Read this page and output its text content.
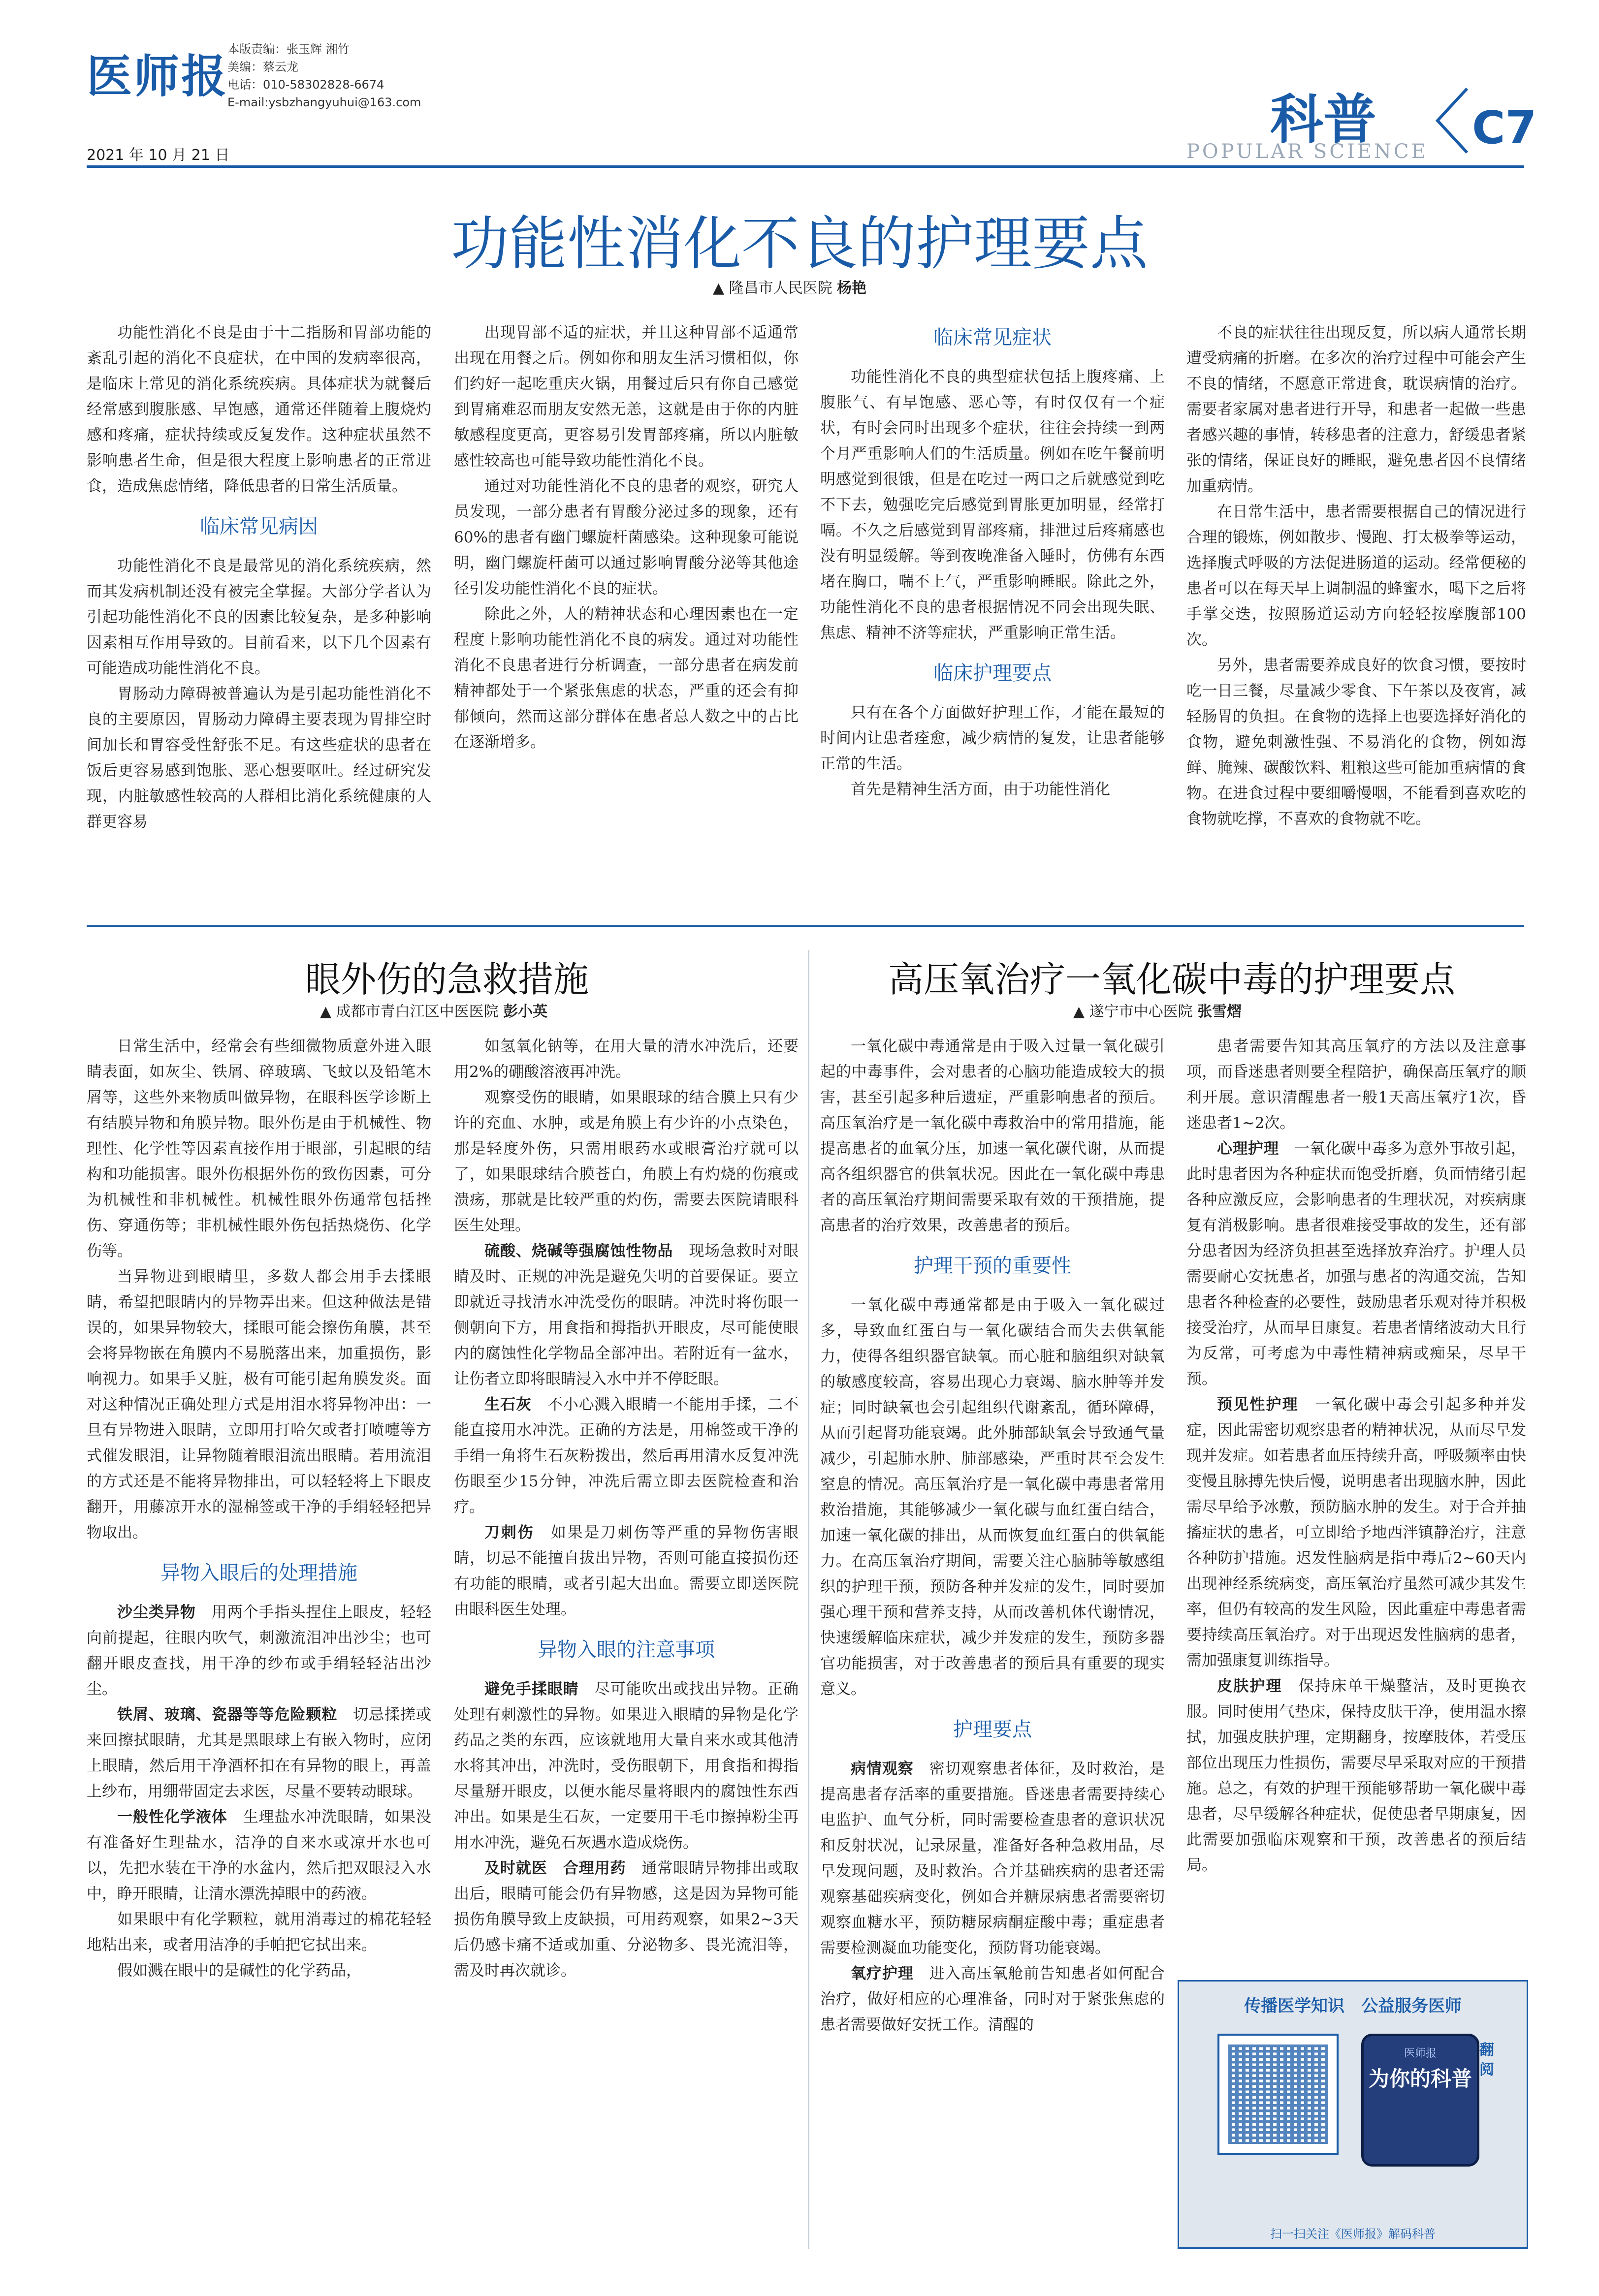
医师报
2021 年 10 月 21 日
本版责编：张玉辉 湘竹
美编：蔡云龙
电话：010-58302828-6674
E-mail:ysbzhangyuhui@163.com	科普
POPULAR SCIENCE C7
功能性消化不良的护理要点
▲ 隆昌市人民医院 杨艳

功能性消化不良是由于十二指肠和胃部功能的紊乱引起的消化不良症状，在中国的发病率很高，是临床上常见的消化系统疾病。具体症状为就餐后经常感到腹胀感、早饱感，通常还伴随着上腹烧灼感和疼痛，症状持续或反复发作。这种症状虽然不影响患者生命，但是很大程度上影响患者的正常进食，造成焦虑情绪，降低患者的日常生活质量。

临床常见病因

功能性消化不良是最常见的消化系统疾病，然而其发病机制还没有被完全掌握。大部分学者认为引起功能性消化不良的因素比较复杂，是多种影响因素相互作用导致的。目前看来，以下几个因素有可能造成功能性消化不良。

胃肠动力障碍被普遍认为是引起功能性消化不良的主要原因，胃肠动力障碍主要表现为胃排空时间加长和胃容受性舒张不足。有这些症状的患者在饭后更容易感到饱胀、恶心想要呕吐。经过研究发现，内脏敏感性较高的人群相比消化系统健康的人群更容易

出现胃部不适的症状，并且这种胃部不适通常出现在用餐之后。例如你和朋友生活习惯相似，你们约好一起吃重庆火锅，用餐过后只有你自己感觉到胃痛难忍而朋友安然无恙，这就是由于你的内脏敏感程度更高，更容易引发胃部疼痛，所以内脏敏感性较高也可能导致功能性消化不良。

通过对功能性消化不良的患者的观察，研究人员发现，一部分患者有胃酸分泌过多的现象，还有60%的患者有幽门螺旋杆菌感染。这种现象可能说明，幽门螺旋杆菌可以通过影响胃酸分泌等其他途径引发功能性消化不良的症状。

除此之外，人的精神状态和心理因素也在一定程度上影响功能性消化不良的病发。通过对功能性消化不良患者进行分析调查，一部分患者在病发前精神都处于一个紧张焦虑的状态，严重的还会有抑郁倾向，然而这部分群体在患者总人数之中的占比在逐渐增多。

临床常见症状

功能性消化不良的典型症状包括上腹疼痛、上腹胀气、有早饱感、恶心等，有时仅仅有一个症状，有时会同时出现多个症状，往往会持续一到两个月严重影响人们的生活质量。例如在吃午餐前明明感觉到很饿，但是在吃过一两口之后就感觉到吃不下去，勉强吃完后感觉到胃胀更加明显，经常打嗝。不久之后感觉到胃部疼痛，排泄过后疼痛感也没有明显缓解。等到夜晚准备入睡时，仿佛有东西堵在胸口，喘不上气，严重影响睡眠。除此之外，功能性消化不良的患者根据情况不同会出现失眠、焦虑、精神不济等症状，严重影响正常生活。

临床护理要点

只有在各个方面做好护理工作，才能在最短的时间内让患者痊愈，减少病情的复发，让患者能够正常的生活。

首先是精神生活方面，由于功能性消化

不良的症状往往出现反复，所以病人通常长期遭受病痛的折磨。在多次的治疗过程中可能会产生不良的情绪，不愿意正常进食，耽误病情的治疗。需要者家属对患者进行开导，和患者一起做一些患者感兴趣的事情，转移患者的注意力，舒缓患者紧张的情绪，保证良好的睡眠，避免患者因不良情绪加重病情。

在日常生活中，患者需要根据自己的情况进行合理的锻炼，例如散步、慢跑、打太极拳等运动，选择腹式呼吸的方法促进肠道的运动。经常便秘的患者可以在每天早上调制温的蜂蜜水，喝下之后将手掌交迭，按照肠道运动方向轻轻按摩腹部100次。

另外，患者需要养成良好的饮食习惯，要按时吃一日三餐，尽量减少零食、下午茶以及夜宵，减轻肠胃的负担。在食物的选择上也要选择好消化的食物，避免刺激性强、不易消化的食物，例如海鲜、腌辣、碳酸饮料、粗粮这些可能加重病情的食物。在进食过程中要细嚼慢咽，不能看到喜欢吃的食物就吃撑，不喜欢的食物就不吃。

眼外伤的急救措施
▲ 成都市青白江区中医医院 彭小英

日常生活中，经常会有些细微物质意外进入眼睛表面，如灰尘、铁屑、碎玻璃、飞蚊以及铅笔木屑等，这些外来物质叫做异物，在眼科医学诊断上有结膜异物和角膜异物。眼外伤是由于机械性、物理性、化学性等因素直接作用于眼部，引起眼的结构和功能损害。眼外伤根据外伤的致伤因素，可分为机械性和非机械性。机械性眼外伤通常包括挫伤、穿通伤等；非机械性眼外伤包括热烧伤、化学伤等。

当异物进到眼睛里，多数人都会用手去揉眼睛，希望把眼睛内的异物弄出来。但这种做法是错误的，如果异物较大，揉眼可能会擦伤角膜，甚至会将异物嵌在角膜内不易脱落出来，加重损伤，影响视力。如果手又脏，极有可能引起角膜发炎。面对这种情况正确处理方式是用泪水将异物冲出：一旦有异物进入眼睛，立即用打哈欠或者打喷嚏等方式催发眼泪，让异物随着眼泪流出眼睛。若用流泪的方式还是不能将异物排出，可以轻轻将上下眼皮翻开，用藤凉开水的湿棉签或干净的手绢轻轻把异物取出。

异物入眼后的处理措施

沙尘类异物　 用两个手指头捏住上眼皮，轻轻向前提起，往眼内吹气，刺激流泪冲出沙尘；也可翻开眼皮查找，用干净的纱布或手绢轻轻沾出沙尘。

铁屑、玻璃、瓷器等等危险颗粒　 切忌揉搓或来回擦拭眼睛，尤其是黑眼球上有嵌入物时，应闭上眼睛，然后用干净酒杯扣在有异物的眼上，再盖上纱布，用绷带固定去求医，尽量不要转动眼球。

一般性化学液体　 生理盐水冲洗眼睛，如果没有准备好生理盐水，洁净的自来水或凉开水也可以，先把水装在干净的水盆内，然后把双眼浸入水中，睁开眼睛，让清水漂洗掉眼中的药液。

如果眼中有化学颗粒，就用消毒过的棉花轻轻地粘出来，或者用洁净的手帕把它拭出来。

假如溅在眼中的是碱性的化学药品，

如氢氧化钠等，在用大量的清水冲洗后，还要用2%的硼酸溶液再冲洗。

观察受伤的眼睛，如果眼球的结合膜上只有少许的充血、水肿，或是角膜上有少许的小点染色，那是轻度外伤，只需用眼药水或眼膏治疗就可以了，如果眼球结合膜苍白，角膜上有灼烧的伤痕或溃疡，那就是比较严重的灼伤，需要去医院请眼科医生处理。

硫酸、烧碱等强腐蚀性物品　 现场急救时对眼睛及时、正规的冲洗是避免失明的首要保证。要立即就近寻找清水冲洗受伤的眼睛。冲洗时将伤眼一侧朝向下方，用食指和拇指扒开眼皮，尽可能使眼内的腐蚀性化学物品全部冲出。若附近有一盆水，让伤者立即将眼睛浸入水中并不停眨眼。

生石灰　 不小心溅入眼睛一不能用手揉，二不能直接用水冲洗。正确的方法是，用棉签或干净的手绢一角将生石灰粉拨出，然后再用清水反复冲洗伤眼至少15分钟，冲洗后需立即去医院检查和治疗。

刀刺伤　 如果是刀刺伤等严重的异物伤害眼睛，切忌不能擅自拔出异物，否则可能直接损伤还有功能的眼睛，或者引起大出血。需要立即送医院由眼科医生处理。

异物入眼的注意事项

避免手揉眼睛　 尽可能吹出或找出异物。正确处理有刺激性的异物。如果进入眼睛的异物是化学药品之类的东西，应该就地用大量自来水或其他清水将其冲出，冲洗时，受伤眼朝下，用食指和拇指尽量掰开眼皮，以便水能尽量将眼内的腐蚀性东西冲出。如果是生石灰，一定要用干毛巾擦掉粉尘再用水冲洗，避免石灰遇水造成烧伤。

及时就医　合理用药　 通常眼睛异物排出或取出后，眼睛可能会仍有异物感，这是因为异物可能损伤角膜导致上皮缺损，可用药观察，如果2~3天后仍感卡痛不适或加重、分泌物多、畏光流泪等，需及时再次就诊。

高压氧治疗一氧化碳中毒的护理要点
▲ 遂宁市中心医院 张雪熠

一氧化碳中毒通常是由于吸入过量一氧化碳引起的中毒事件，会对患者的心脑功能造成较大的损害，甚至引起多种后遗症，严重影响患者的预后。高压氧治疗是一氧化碳中毒救治中的常用措施，能提高患者的血氧分压，加速一氧化碳代谢，从而提高各组织器官的供氧状况。因此在一氧化碳中毒患者的高压氧治疗期间需要采取有效的干预措施，提高患者的治疗效果，改善患者的预后。

护理干预的重要性

一氧化碳中毒通常都是由于吸入一氧化碳过多，导致血红蛋白与一氧化碳结合而失去供氧能力，使得各组织器官缺氧。而心脏和脑组织对缺氧的敏感度较高，容易出现心力衰竭、脑水肿等并发症；同时缺氧也会引起组织代谢紊乱，循环障碍，从而引起肾功能衰竭。此外肺部缺氧会导致通气量减少，引起肺水肿、肺部感染，严重时甚至会发生窒息的情况。高压氧治疗是一氧化碳中毒患者常用救治措施，其能够减少一氧化碳与血红蛋白结合，加速一氧化碳的排出，从而恢复血红蛋白的供氧能力。在高压氧治疗期间，需要关注心脑肺等敏感组织的护理干预，预防各种并发症的发生，同时要加强心理干预和营养支持，从而改善机体代谢情况，快速缓解临床症状，减少并发症的发生，预防多器官功能损害，对于改善患者的预后具有重要的现实意义。

护理要点

病情观察　 密切观察患者体征，及时救治，是提高患者存活率的重要措施。昏迷患者需要持续心电监护、血气分析，同时需要检查患者的意识状况和反射状况，记录尿量，准备好各种急救用品，尽早发现问题，及时救治。合并基础疾病的患者还需观察基础疾病变化，例如合并糖尿病患者需要密切观察血糖水平，预防糖尿病酮症酸中毒；重症患者需要检测凝血功能变化，预防肾功能衰竭。

氧疗护理　 进入高压氧舱前告知患者如何配合治疗，做好相应的心理准备，同时对于紧张焦虑的患者需要做好安抚工作。清醒的

患者需要告知其高压氧疗的方法以及注意事项，而昏迷患者则要全程陪护，确保高压氧疗的顺利开展。意识清醒患者一般1天高压氧疗1次，昏迷患者1~2次。

心理护理　 一氧化碳中毒多为意外事故引起，此时患者因为各种症状而饱受折磨，负面情绪引起各种应激反应，会影响患者的生理状况，对疾病康复有消极影响。患者很难接受事故的发生，还有部分患者因为经济负担甚至选择放弃治疗。护理人员需要耐心安抚患者，加强与患者的沟通交流，告知患者各种检查的必要性，鼓励患者乐观对待并积极接受治疗，从而早日康复。若患者情绪波动大且行为反常，可考虑为中毒性精神病或痴呆，尽早干预。

预见性护理　 一氧化碳中毒会引起多种并发症，因此需密切观察患者的精神状况，从而尽早发现并发症。如若患者血压持续升高，呼吸频率由快变慢且脉搏先快后慢，说明患者出现脑水肿，因此需尽早给予冰敷，预防脑水肿的发生。对于合并抽搐症状的患者，可立即给予地西泮镇静治疗，注意各种防护措施。迟发性脑病是指中毒后2~60天内出现神经系统病变，高压氧治疗虽然可减少其发生率，但仍有较高的发生风险，因此重症中毒患者需要持续高压氧治疗。对于出现迟发性脑病的患者，需加强康复训练指导。

皮肤护理　 保持床单干燥整洁，及时更换衣服。同时使用气垫床，保持皮肤干净，使用温水擦拭，加强皮肤护理，定期翻身，按摩肢体，若受压部位出现压力性损伤，需要尽早采取对应的干预措施。总之，有效的护理干预能够帮助一氧化碳中毒患者，尽早缓解各种症状，促使患者早期康复，因此需要加强临床观察和干预，改善患者的预后结局。

传播医学知识　公益服务医师
医师报
为你的科普
翻阅
扫一扫关注《医师报》解码科普
